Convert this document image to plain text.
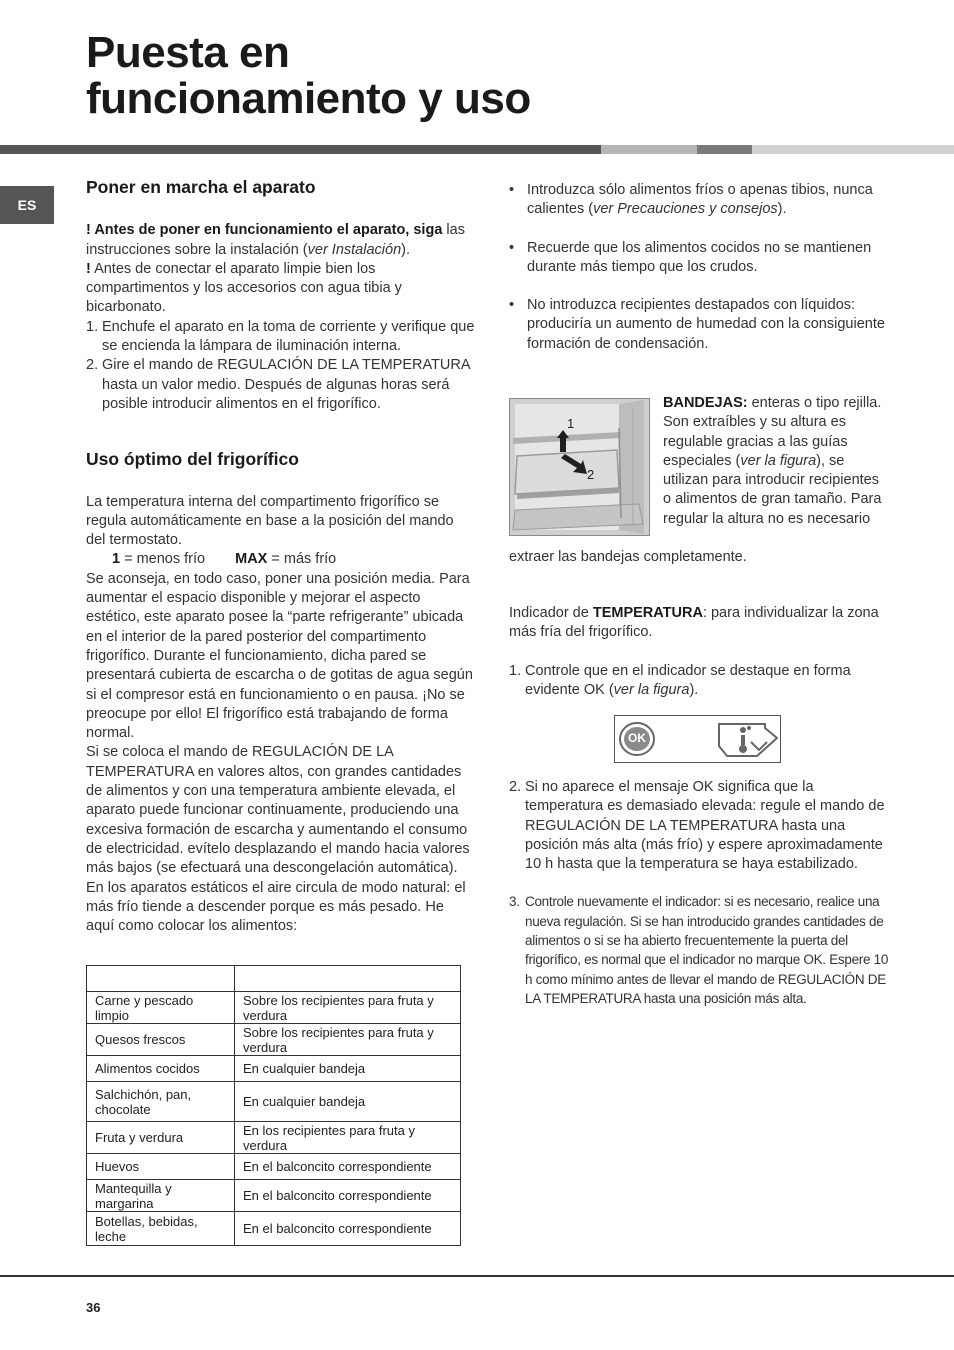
Puesta en
funcionamiento y uso
ES

Poner en marcha el aparato

! Antes de poner en funcionamiento el aparato, siga las instrucciones sobre la instalación (ver Instalación).

! Antes de conectar el aparato limpie bien los compartimentos y los accesorios con agua tibia y bicarbonato.

1. Enchufe el aparato en la toma de corriente y verifique que se encienda la lámpara de iluminación interna.
2. Gire el mando de REGULACIÓN DE LA TEMPERATURA hasta un valor medio. Después de algunas horas será posible introducir alimentos en el frigorífico.

Uso óptimo del frigorífico

La temperatura interna del compartimento frigorífico se regula automáticamente en base a la posición del mando del termostato.

1 = menos frío MAX = más frío

Se aconseja, en todo caso, poner una posición media. Para aumentar el espacio disponible y mejorar el aspecto estético, este aparato posee la “parte refrigerante” ubicada en el interior de la pared posterior del compartimento frigorífico. Durante el funcionamiento, dicha pared se presentará cubierta de escarcha o de gotitas de agua según si el compresor está en funcionamiento o en pausa. ¡No se preocupe por ello! El frigorífico está trabajando de forma normal.

Si se coloca el mando de REGULACIÓN DE LA TEMPERATURA en valores altos, con grandes cantidades de alimentos y con una temperatura ambiente elevada, el aparato puede funcionar continuamente, produciendo una excesiva formación de escarcha y aumentando el consumo de electricidad. evítelo desplazando el mando hacia valores más bajos (se efectuará una descongelación automática).

En los aparatos estáticos el aire circula de modo natural: el más frío tiende a descender porque es más pesado. He aquí como colocar los alimentos:

Carne y pescado limpio	Sobre los recipientes para fruta y verdura
Quesos frescos	Sobre los recipientes para fruta y verdura
Alimentos cocidos	En cualquier bandeja
Salchichón, pan, chocolate	En cualquier bandeja
Fruta y verdura	En los recipientes para fruta y verdura
Huevos	En el balconcito correspondiente
Mantequilla y margarina	En el balconcito correspondiente
Botellas, bebidas, leche	En el balconcito correspondiente
• Introduzca sólo alimentos fríos o apenas tibios, nunca calientes (ver Precauciones y consejos).
• Recuerde que los alimentos cocidos no se mantienen durante más tiempo que los crudos.
• No introduzca recipientes destapados con líquidos: produciría un aumento de humedad con la consiguiente formación de condensación.
1
2

BANDEJAS: enteras o tipo rejilla.

Son extraíbles y su altura es regulable gracias a las guías especiales (ver la figura), se utilizan para introducir recipientes o alimentos de gran tamaño. Para regular la altura no es necesario

extraer las bandejas completamente.

Indicador de TEMPERATURA: para individualizar la zona más fría del frigorífico.

1. Controle que en el indicador se destaque en forma evidente OK (ver la figura).
OK
2. Si no aparece el mensaje OK significa que la temperatura es demasiado elevada: regule el mando de REGULACIÓN DE LA TEMPERATURA hasta una posición más alta (más frío) y espere aproximadamente 10 h hasta que la temperatura se haya estabilizado.
3. Controle nuevamente el indicador: si es necesario, realice una nueva regulación. Si se han introducido grandes cantidades de alimentos o si se ha abierto frecuentemente la puerta del frigorífico, es normal que el indicador no marque OK. Espere 10 h como mínimo antes de llevar el mando de REGULACIÓN DE LA TEMPERATURA hasta una posición más alta.
36
